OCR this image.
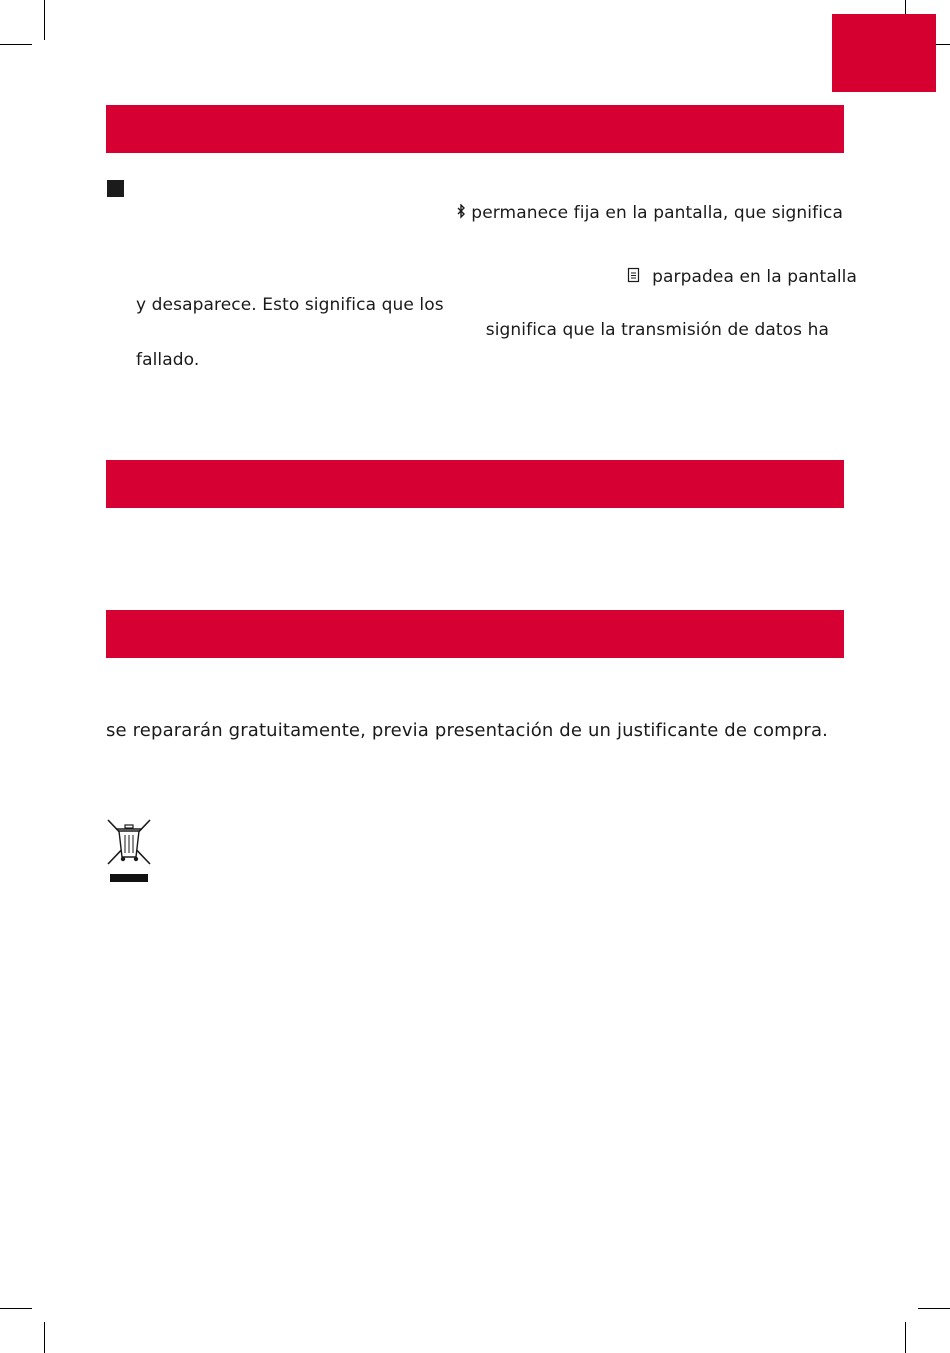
permanece fija en la pantalla, que significa
parpadea en la pantalla
y desaparece. Esto significa que los
significa que la transmisión de datos ha
fallado.
se repararán gratuitamente, previa presentación de un justificante de compra.
